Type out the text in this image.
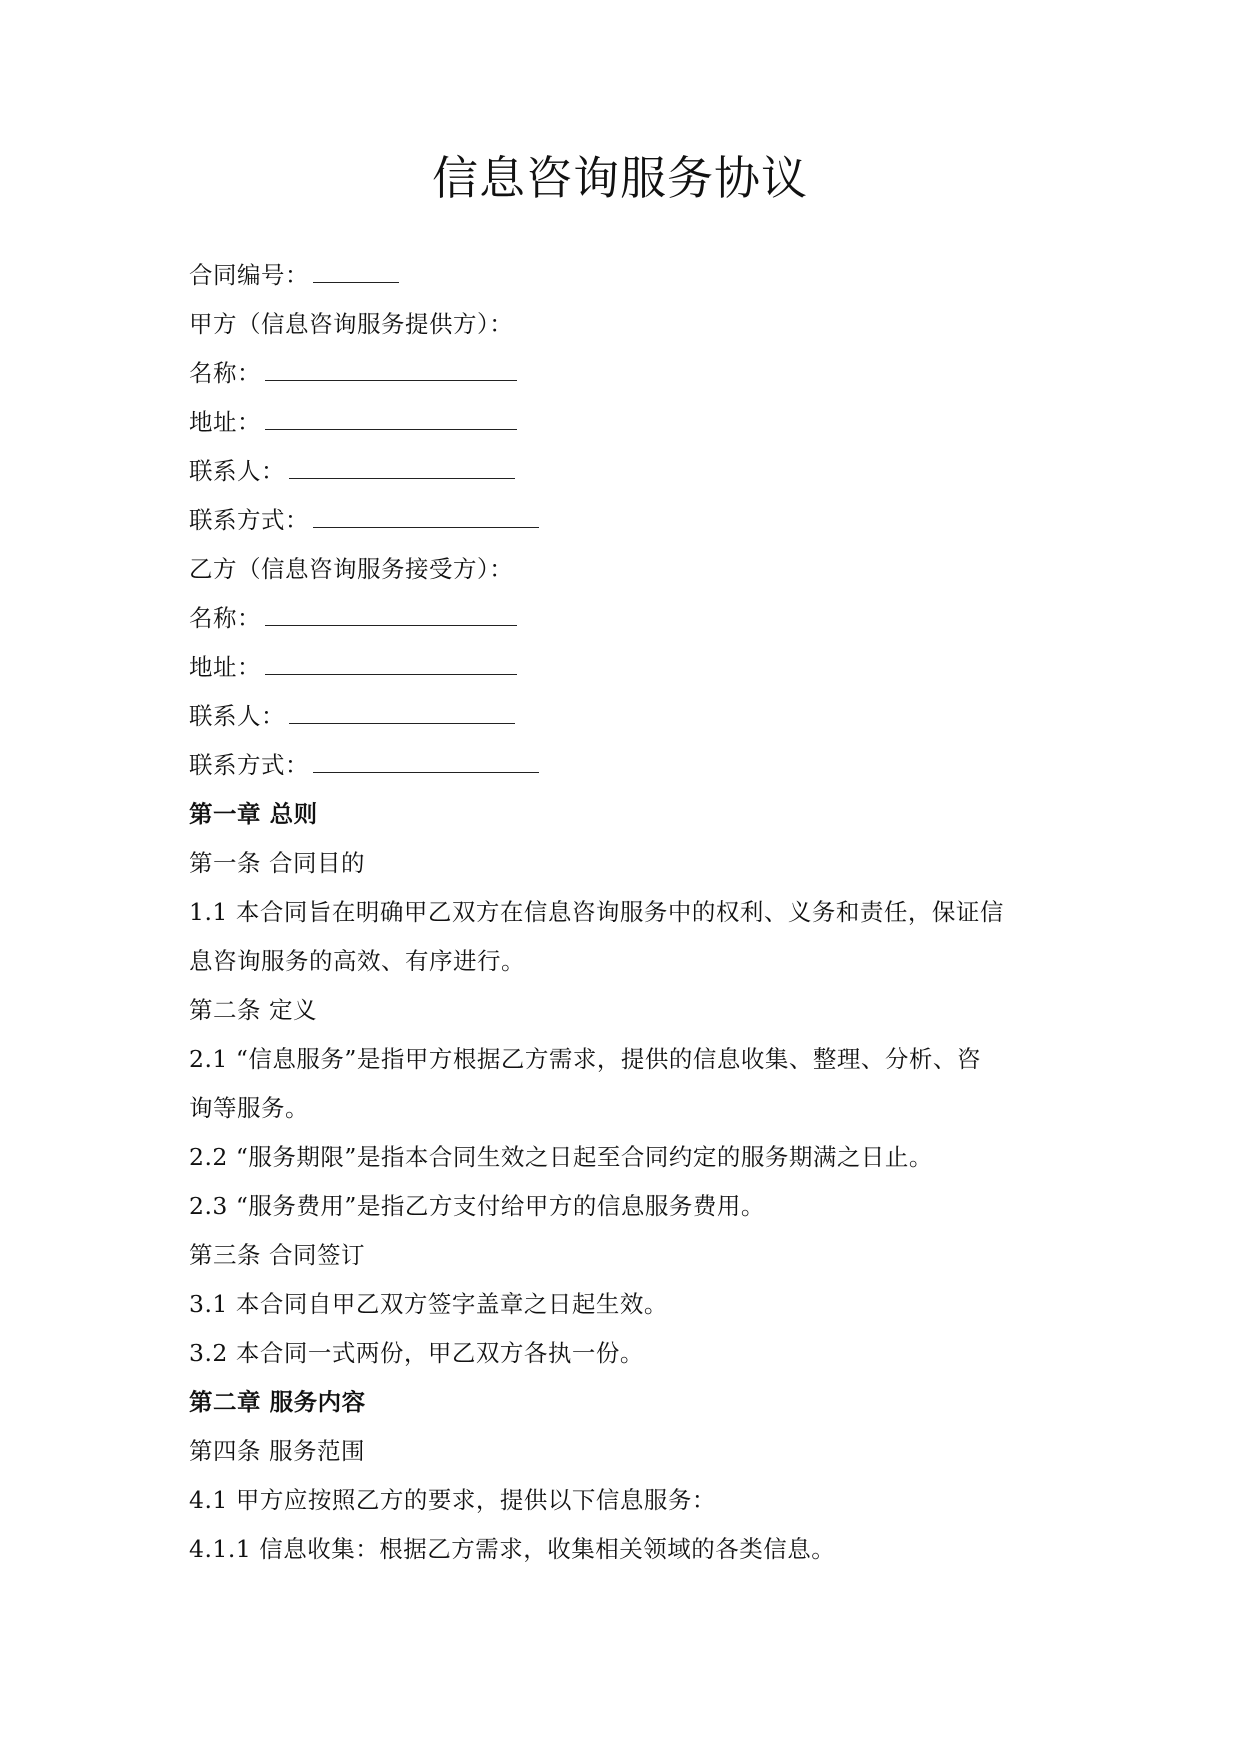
信息咨询服务协议
合同编号：
甲方（信息咨询服务提供方）：
名称：
地址：
联系人：
联系方式：
乙方（信息咨询服务接受方）：
名称：
地址：
联系人：
联系方式：
第一章 总则
第一条 合同目的
1.1 本合同旨在明确甲乙双方在信息咨询服务中的权利、义务和责任，保证信
息咨询服务的高效、有序进行。
第二条 定义
2.1 “信息服务”是指甲方根据乙方需求，提供的信息收集、整理、分析、咨
询等服务。
2.2 “服务期限”是指本合同生效之日起至合同约定的服务期满之日止。
2.3 “服务费用”是指乙方支付给甲方的信息服务费用。
第三条 合同签订
3.1 本合同自甲乙双方签字盖章之日起生效。
3.2 本合同一式两份，甲乙双方各执一份。
第二章 服务内容
第四条 服务范围
4.1 甲方应按照乙方的要求，提供以下信息服务：
4.1.1 信息收集：根据乙方需求，收集相关领域的各类信息。
